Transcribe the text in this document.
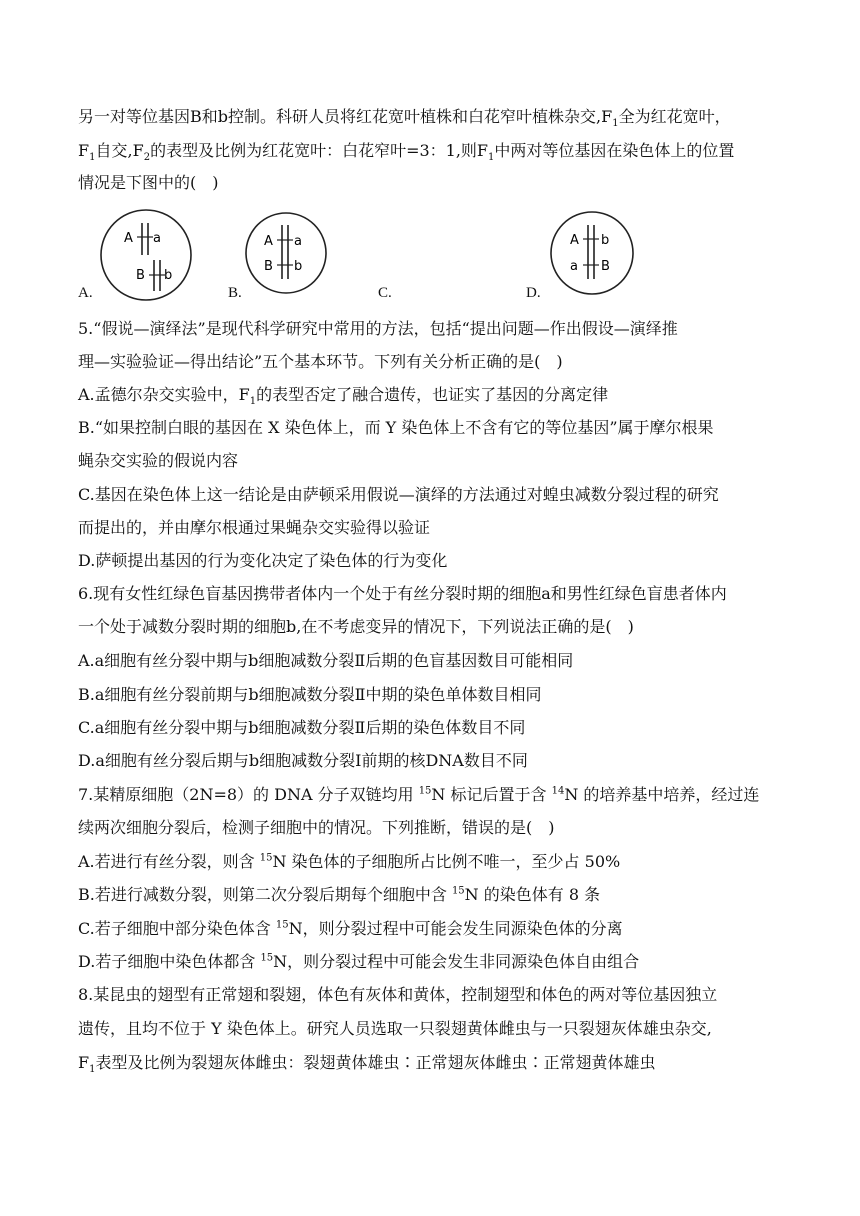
另一对等位基因B和b控制。科研人员将红花宽叶植株和白花窄叶植株杂交$,F_1$全为红花宽叶，
$F_1$自交$,F_2$的表型及比例为红花宽叶：白花窄叶=3：1,则$F_1$中两对等位基因在染色体上的位置
情况是下图中的(　)
A.
A a
B b
B.
A a
B b
C.	D.
A b
a B
5.“假说—演绎法”是现代科学研究中常用的方法，包括“提出问题—作出假设—演绎推
理—实验验证—得出结论”五个基本环节。下列有关分析正确的是(　)
A.孟德尔杂交实验中，$F_1$的表型否定了融合遗传，也证实了基因的分离定律
B.“如果控制白眼的基因在 X 染色体上，而 Y 染色体上不含有它的等位基因”属于摩尔根果
蝇杂交实验的假说内容
C.基因在染色体上这一结论是由萨顿采用假说—演绎的方法通过对蝗虫减数分裂过程的研究
而提出的，并由摩尔根通过果蝇杂交实验得以验证
D.萨顿提出基因的行为变化决定了染色体的行为变化
6.现有女性红绿色盲基因携带者体内一个处于有丝分裂时期的细胞a和男性红绿色盲患者体内
一个处于减数分裂时期的细胞b,在不考虑变异的情况下，下列说法正确的是(　)
A.a细胞有丝分裂中期与b细胞减数分裂Ⅱ后期的色盲基因数目可能相同
B.a细胞有丝分裂前期与b细胞减数分裂Ⅱ中期的染色单体数目相同
C.a细胞有丝分裂中期与b细胞减数分裂Ⅱ后期的染色体数目不同
D.a细胞有丝分裂后期与b细胞减数分裂Ⅰ前期的核DNA数目不同
7.某精原细胞（2N=8）的 DNA 分子双链均用 $^{15}$N 标记后置于含 $^{14}$N 的培养基中培养，经过连
续两次细胞分裂后，检测子细胞中的情况。下列推断，错误的是(　)
A.若进行有丝分裂，则含 $^{15}$N 染色体的子细胞所占比例不唯一，至少占 50%
B.若进行减数分裂，则第二次分裂后期每个细胞中含 $^{15}$N 的染色体有 8 条
C.若子细胞中部分染色体含 $^{15}$N，则分裂过程中可能会发生同源染色体的分离
D.若子细胞中染色体都含 $^{15}$N，则分裂过程中可能会发生非同源染色体自由组合
8.某昆虫的翅型有正常翅和裂翅，体色有灰体和黄体，控制翅型和体色的两对等位基因独立
遗传，且均不位于 Y 染色体上。研究人员选取一只裂翅黄体雌虫与一只裂翅灰体雄虫杂交,
$F_1$表型及比例为裂翅灰体雌虫：裂翅黄体雄虫∶正常翅灰体雌虫∶正常翅黄体雄虫
